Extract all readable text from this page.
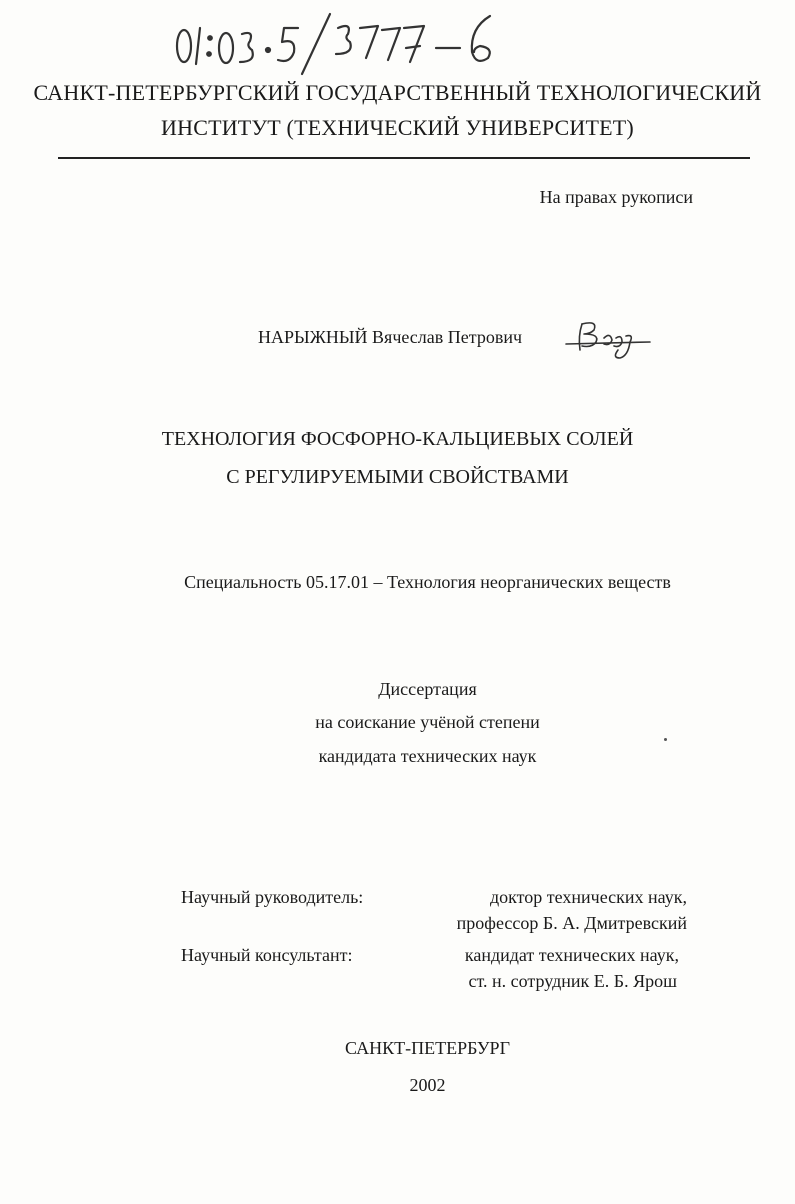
САНКТ-ПЕТЕРБУРГСКИЙ ГОСУДАРСТВЕННЫЙ ТЕХНОЛОГИЧЕСКИЙ
ИНСТИТУТ (ТЕХНИЧЕСКИЙ УНИВЕРСИТЕТ)
На правах рукописи
НАРЫЖНЫЙ Вячеслав Петрович
ТЕХНОЛОГИЯ ФОСФОРНО-КАЛЬЦИЕВЫХ СОЛЕЙ
С РЕГУЛИРУЕМЫМИ СВОЙСТВАМИ
Специальность 05.17.01 – Технология неорганических веществ
Диссертация
на соискание учёной степени
кандидата технических наук
Научный руководитель:	доктор технических наук,
профессор Б. А. Дмитревский
Научный консультант:	кандидат технических наук,
ст. н. сотрудник Е. Б. Ярош
САНКТ-ПЕТЕРБУРГ
2002
